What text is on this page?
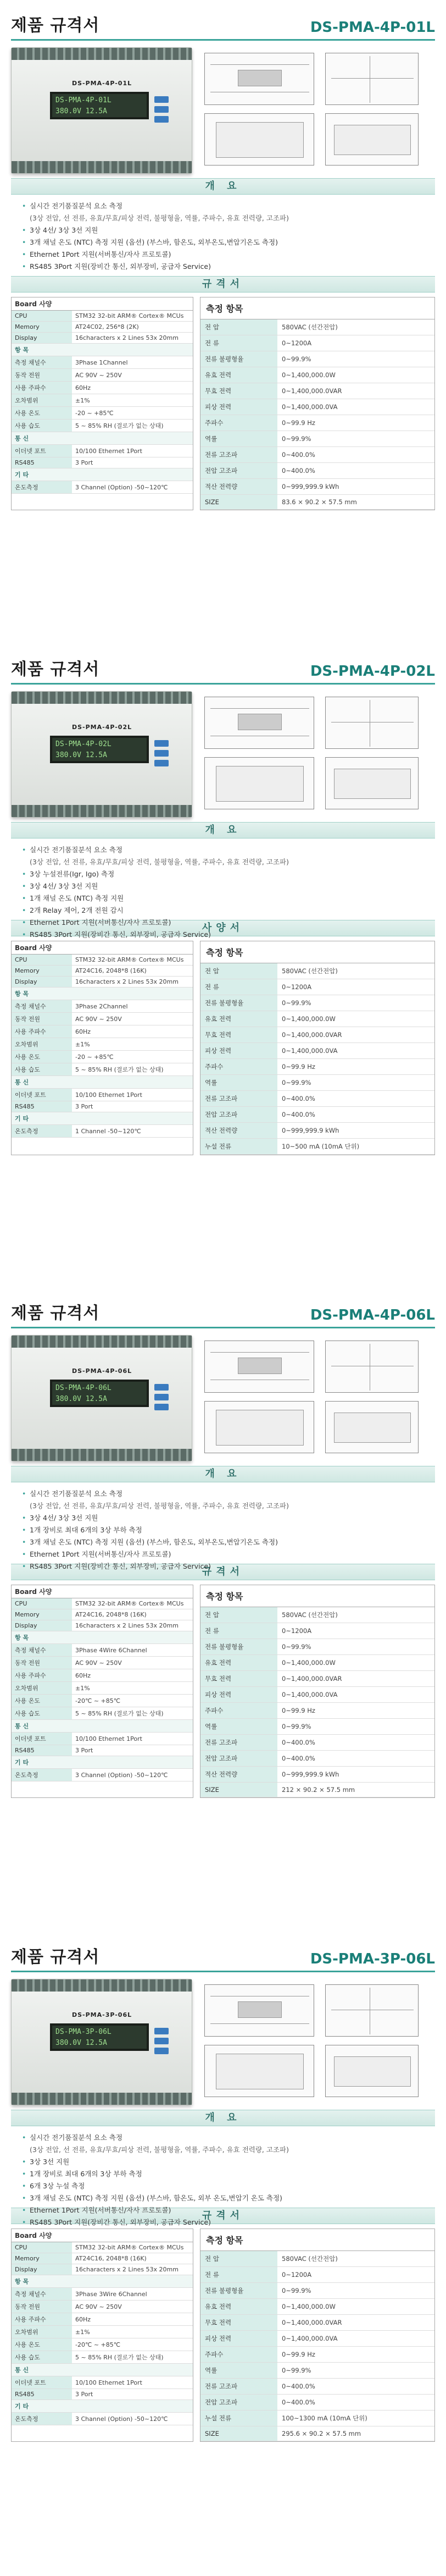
제품 규격서	DS-PMA-4P-01L
DS-PMA-4P-01L
DS-PMA-4P-01L
380.0V 12.5A
개 요
• 실시간 전기품질분석 요소 측정
(3상 전압, 선 전류, 유효/무효/피상 전력, 불평형율, 역률, 주파수, 유효 전력량, 고조파)
• 3상 4선/ 3상 3선 지원
• 3개 채널 온도 (NTC) 측정 지원 (옵션) (부스바, 함온도, 외부온도,변압기온도 측정)
• Ethernet 1Port 지원(서버통신/자사 프로토콜)
• RS485 3Port 지원(장비간 통신, 외부장비, 공급자 Service)
규격서
Board 사양	
CPU	STM32 32-bit ARM® Cortex® MCUs
Memory	AT24C02, 256*8 (2K)
Display	16characters x 2 Lines 53x 20mm
항 목	
측정 채널수	3Phase 1Channel
동작 전원	AC 90V ~ 250V
사용 주파수	60Hz
오차범위	±1%
사용 온도	-20 ~ +85℃
사용 습도	5 ~ 85% RH (결로가 없는 상태)
통 신	
이더넷 포트	10/100 Ethernet 1Port
RS485	3 Port
기 타	
온도측정	3 Channel (Option) -50~120℃
측정 항목
전 압	580VAC (선간전압)
전 류	0~1200A
전류 불평형율	0~99.9%
유효 전력	0~1,400,000.0W
무효 전력	0~1,400,000.0VAR
피상 전력	0~1,400,000.0VA
주파수	0~99.9 Hz
역률	0~99.9%
전류 고조파	0~400.0%
전압 고조파	0~400.0%
적산 전력량	0~999,999.9 kWh
SIZE	83.6 × 90.2 × 57.5 mm
제품 규격서	DS-PMA-4P-02L
DS-PMA-4P-02L
DS-PMA-4P-02L
380.0V 12.5A
개 요
• 실시간 전기품질분석 요소 측정
(3상 전압, 선 전류, 유효/무효/피상 전력, 불평형율, 역률, 주파수, 유효 전력량, 고조파)
• 3상 누설전류(Igr, Igo) 측정
• 3상 4선/ 3상 3선 지원
• 1개 채널 온도 (NTC) 측정 지원
• 2개 Relay 제어, 2개 전원 감시
• Ethernet 1Port 지원(서버통신/자사 프로토콜)
• RS485 3Port 지원(장비간 통신, 외부장비, 공급자 Service)
사양서
Board 사양	
CPU	STM32 32-bit ARM® Cortex® MCUs
Memory	AT24C16, 2048*8 (16K)
Display	16characters x 2 Lines 53x 20mm
항 목	
측정 채널수	3Phase 2Channel
동작 전원	AC 90V ~ 250V
사용 주파수	60Hz
오차범위	±1%
사용 온도	-20 ~ +85℃
사용 습도	5 ~ 85% RH (결로가 없는 상태)
통 신	
이더넷 포트	10/100 Ethernet 1Port
RS485	3 Port
기 타	
온도측정	1 Channel -50~120℃
측정 항목
전 압	580VAC (선간전압)
전 류	0~1200A
전류 불평형율	0~99.9%
유효 전력	0~1,400,000.0W
무효 전력	0~1,400,000.0VAR
피상 전력	0~1,400,000.0VA
주파수	0~99.9 Hz
역률	0~99.9%
전류 고조파	0~400.0%
전압 고조파	0~400.0%
적산 전력량	0~999,999.9 kWh
누설 전류	10~500 mA (10mA 단위)
제품 규격서	DS-PMA-4P-06L
DS-PMA-4P-06L
DS-PMA-4P-06L
380.0V 12.5A
개 요
• 실시간 전기품질분석 요소 측정
(3상 전압, 선 전류, 유효/무효/피상 전력, 불평형율, 역률, 주파수, 유효 전력량, 고조파)
• 3상 4선/ 3상 3선 지원
• 1개 장비로 최대 6개의 3상 부하 측정
• 3개 채널 온도 (NTC) 측정 지원 (옵션) (부스바, 함온도, 외부온도,변압기온도 측정)
• Ethernet 1Port 지원(서버통신/자사 프로토콜)
• RS485 3Port 지원(장비간 통신, 외부장비, 공급자 Service)
규격서
Board 사양	
CPU	STM32 32-bit ARM® Cortex® MCUs
Memory	AT24C16, 2048*8 (16K)
Display	16characters x 2 Lines 53x 20mm
항 목	
측정 채널수	3Phase 4Wire 6Channel
동작 전원	AC 90V ~ 250V
사용 주파수	60Hz
오차범위	±1%
사용 온도	-20℃ ~ +85℃
사용 습도	5 ~ 85% RH (결로가 없는 상태)
통 신	
이더넷 포트	10/100 Ethernet 1Port
RS485	3 Port
기 타	
온도측정	3 Channel (Option) -50~120℃
측정 항목
전 압	580VAC (선간전압)
전 류	0~1200A
전류 불평형율	0~99.9%
유효 전력	0~1,400,000.0W
무효 전력	0~1,400,000.0VAR
피상 전력	0~1,400,000.0VA
주파수	0~99.9 Hz
역률	0~99.9%
전류 고조파	0~400.0%
전압 고조파	0~400.0%
적산 전력량	0~999,999.9 kWh
SIZE	212 × 90.2 × 57.5 mm
제품 규격서	DS-PMA-3P-06L
DS-PMA-3P-06L
DS-PMA-3P-06L
380.0V 12.5A
개 요
• 실시간 전기품질분석 요소 측정
(3상 전압, 선 전류, 유효/무효/피상 전력, 불평형율, 역률, 주파수, 유효 전력량, 고조파)
• 3상 3선 지원
• 1개 장비로 최대 6개의 3상 부하 측정
• 6개 3상 누설 측정
• 3개 채널 온도 (NTC) 측정 지원 (옵션) (부스바, 함온도, 외부 온도,변압기 온도 측정)
• Ethernet 1Port 지원(서버통신/자사 프로토콜)
• RS485 3Port 지원(장비간 통신, 외부장비, 공급자 Service)
규격서
Board 사양	
CPU	STM32 32-bit ARM® Cortex® MCUs
Memory	AT24C16, 2048*8 (16K)
Display	16characters x 2 Lines 53x 20mm
항 목	
측정 채널수	3Phase 3Wire 6Channel
동작 전원	AC 90V ~ 250V
사용 주파수	60Hz
오차범위	±1%
사용 온도	-20℃ ~ +85℃
사용 습도	5 ~ 85% RH (결로가 없는 상태)
통 신	
이더넷 포트	10/100 Ethernet 1Port
RS485	3 Port
기 타	
온도측정	3 Channel (Option) -50~120℃
측정 항목
전 압	580VAC (선간전압)
전 류	0~1200A
전류 불평형율	0~99.9%
유효 전력	0~1,400,000.0W
무효 전력	0~1,400,000.0VAR
피상 전력	0~1,400,000.0VA
주파수	0~99.9 Hz
역률	0~99.9%
전류 고조파	0~400.0%
전압 고조파	0~400.0%
누설 전류	100~1300 mA (10mA 단위)
SIZE	295.6 × 90.2 × 57.5 mm
